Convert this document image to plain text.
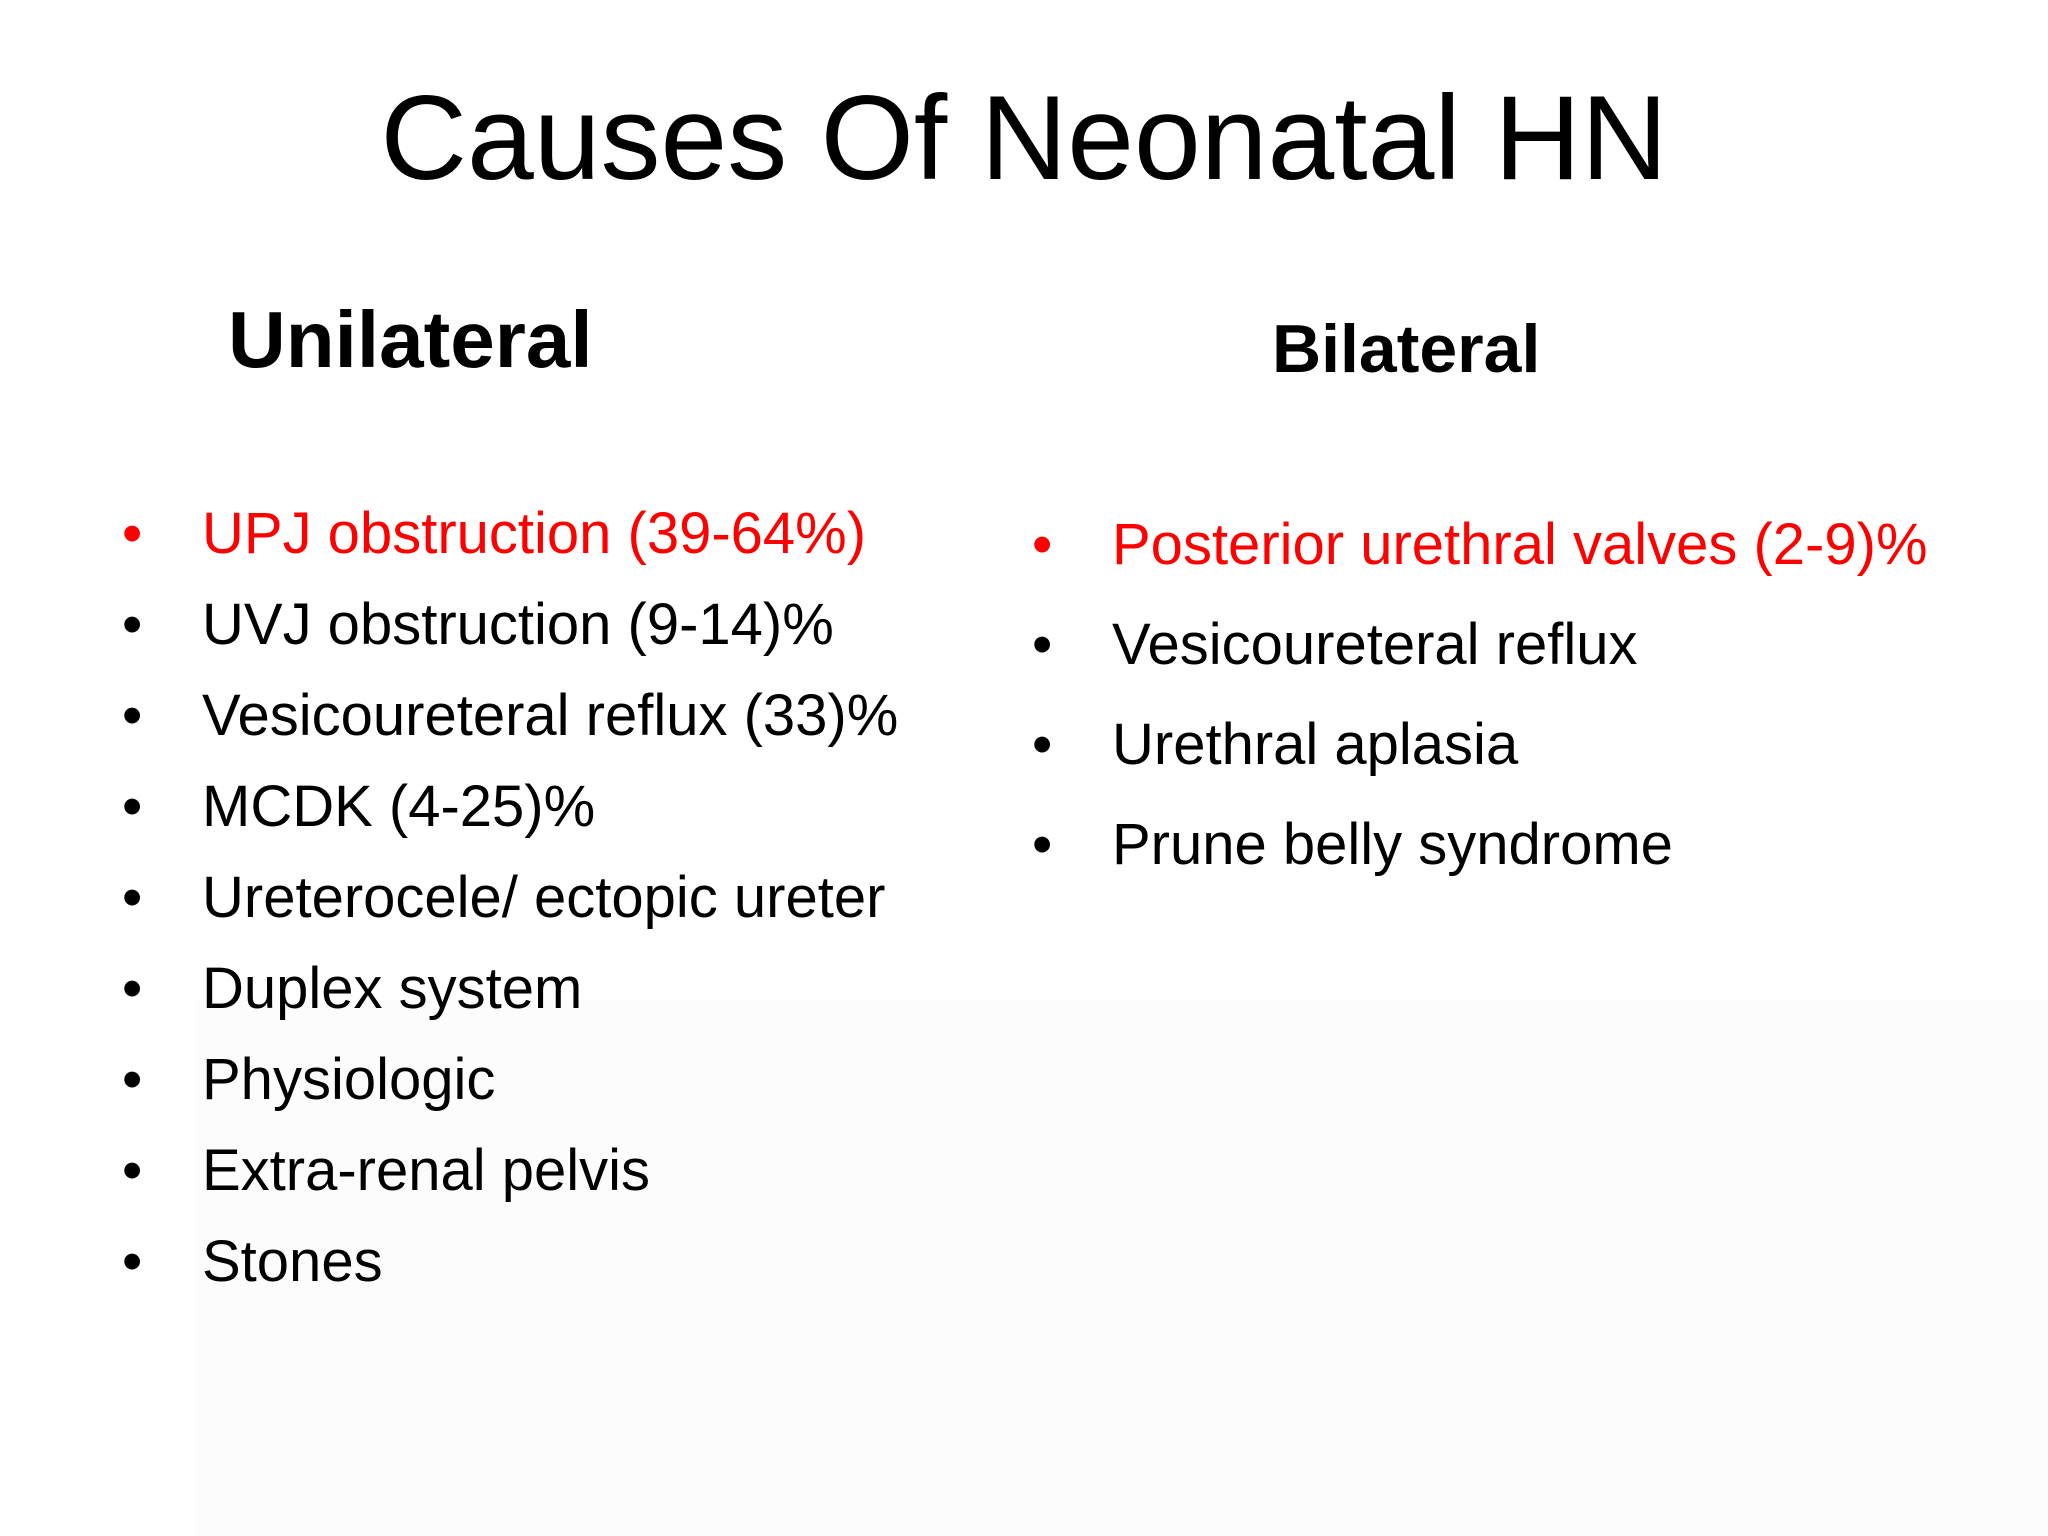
Causes Of Neonatal HN
Unilateral	Bilateral
• UPJ obstruction (39-64%)
• UVJ obstruction (9-14)%
• Vesicoureteral reflux (33)%
• MCDK (4-25)%
• Ureterocele/ ectopic ureter
• Duplex system
• Physiologic
• Extra-renal pelvis
• Stones
• Posterior urethral valves (2-9)%
• Vesicoureteral reflux
• Urethral aplasia
• Prune belly syndrome
